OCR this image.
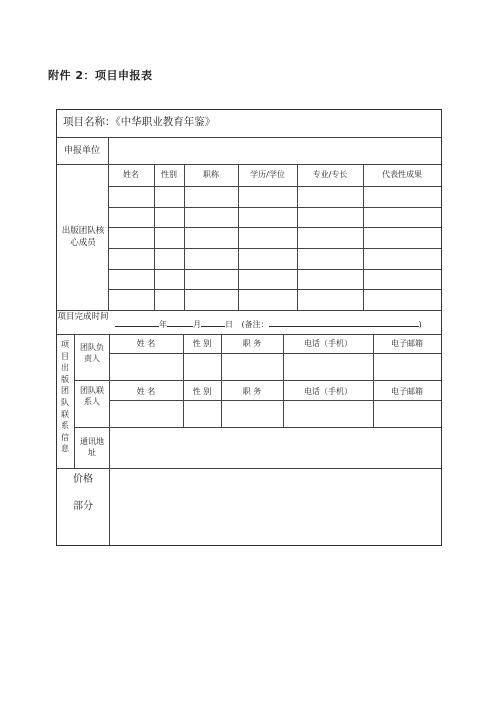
附件 2：项目申报表
项目名称：《中华职业教育年鉴》
申报单位
出版团队核心成员
姓名	性别	职称	学历/学位	专业/专长	代表性成果
项目完成时间
年	月	日 (备注：	)
项目出版团队联系信息
团队负责人
姓 名	性 别	职 务	电话（手机）	电子邮箱
团队联系人
姓 名	性 别	职 务	电话（手机）	电子邮箱
通讯地址
价格
部分
